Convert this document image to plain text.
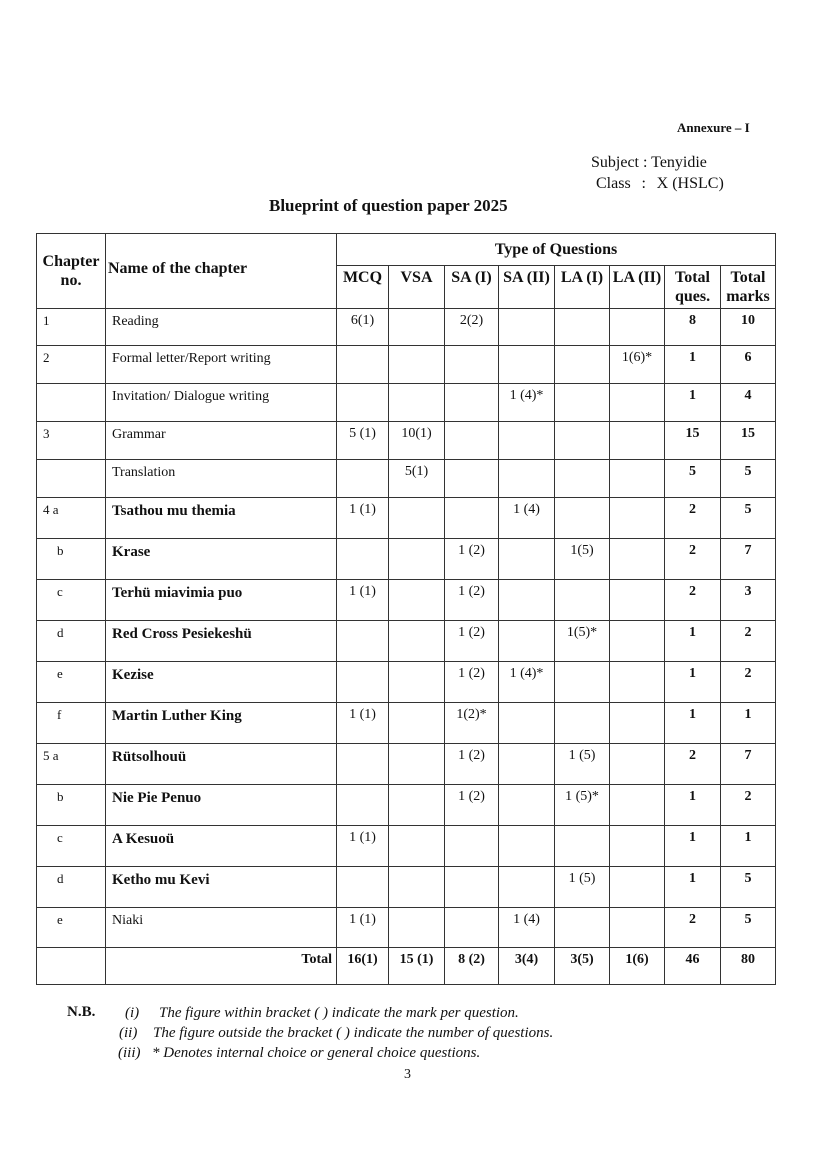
Annexure – I
Subject : Tenyidie
Class : X (HSLC)
Blueprint of question paper 2025
Chapter no.	Name of the chapter	Type of Questions							
		MCQ	VSA	SA (I)	SA (II)	LA (I)	LA (II)	Total ques.	Total marks
1	Reading	6(1)		2(2)				8	10
2	Formal letter/Report writing						1(6)*	1	6
	Invitation/ Dialogue writing				1 (4)*			1	4
3	Grammar	5 (1)	10(1)					15	15
	Translation		5(1)					5	5
4 a	Tsathou mu themia	1 (1)			1 (4)			2	5
b	Krase			1 (2)		1(5)		2	7
c	Terhü miavimia puo	1 (1)		1 (2)				2	3
d	Red Cross Pesiekeshü			1 (2)		1(5)*		1	2
e	Kezise			1 (2)	1 (4)*			1	2
f	Martin Luther King	1 (1)		1(2)*				1	1
5 a	Rütsolhouü			1 (2)		1 (5)		2	7
b	Nie Pie Penuo			1 (2)		1 (5)*		1	2
c	A Kesuoü	1 (1)						1	1
d	Ketho mu Kevi					1 (5)		1	5
e	Niaki	1 (1)			1 (4)			2	5
	Total	16(1)	15 (1)	8 (2)	3(4)	3(5)	1(6)	46	80
N.B. (i) The figure within bracket ( ) indicate the mark per question.
(ii) The figure outside the bracket ( ) indicate the number of questions.
(iii) * Denotes internal choice or general choice questions.
3
